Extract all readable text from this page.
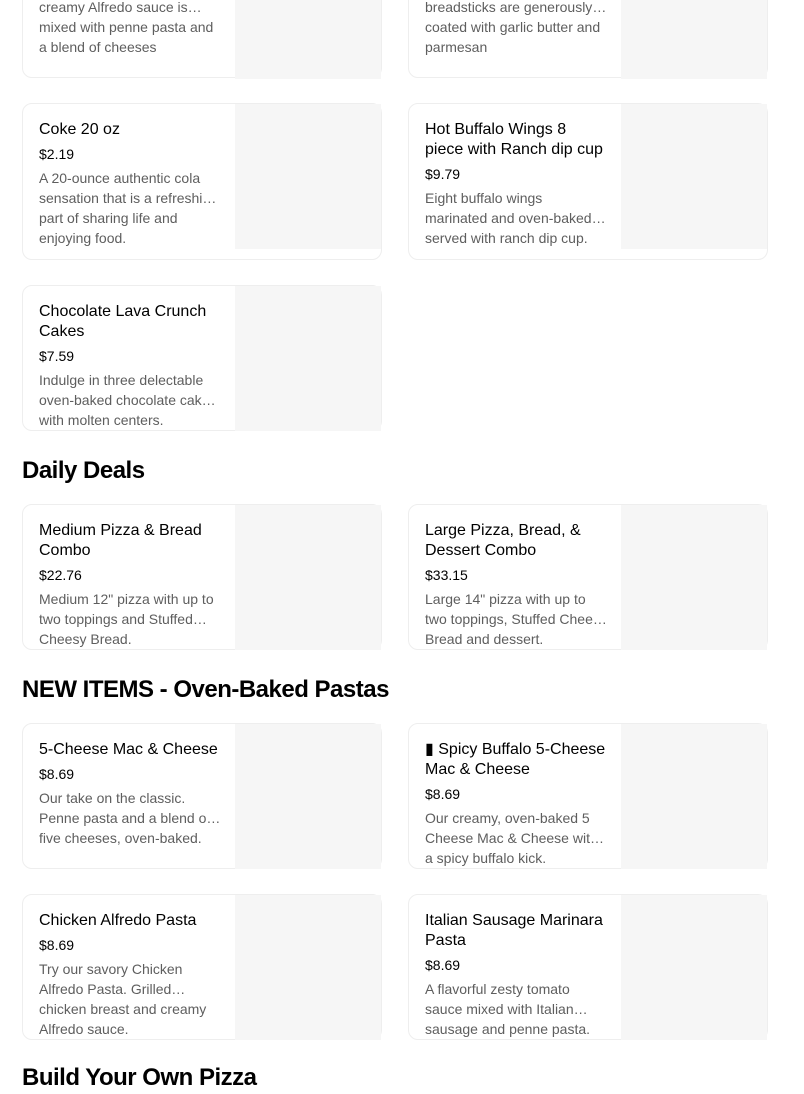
creamy Alfredo sauce is mixed with penne pasta and a blend of cheeses

breadsticks are generously coated with garlic butter and parmesan

Coke 20 oz
$2.19

A 20-ounce authentic cola sensation that is a refreshing part of sharing life and enjoying food.

Hot Buffalo Wings 8 piece with Ranch dip cup
$9.79

Eight buffalo wings marinated and oven-baked, served with ranch dip cup.

Chocolate Lava Crunch Cakes
$7.59

Indulge in three delectable oven-baked chocolate cakes with molten centers.

Daily Deals
Medium Pizza & Bread Combo
$22.76

Medium 12" pizza with up to two toppings and Stuffed Cheesy Bread.

Large Pizza, Bread, & Dessert Combo
$33.15

Large 14" pizza with up to two toppings, Stuffed Cheesy Bread and dessert.

NEW ITEMS - Oven-Baked Pastas
5-Cheese Mac & Cheese
$8.69

Our take on the classic. Penne pasta and a blend of five cheeses, oven-baked.

▮ Spicy Buffalo 5-Cheese Mac & Cheese
$8.69

Our creamy, oven-baked 5 Cheese Mac & Cheese with a spicy buffalo kick.

Chicken Alfredo Pasta
$8.69

Try our savory Chicken Alfredo Pasta. Grilled chicken breast and creamy Alfredo sauce.

Italian Sausage Marinara Pasta
$8.69

A flavorful zesty tomato sauce mixed with Italian sausage and penne pasta.

Build Your Own Pizza
